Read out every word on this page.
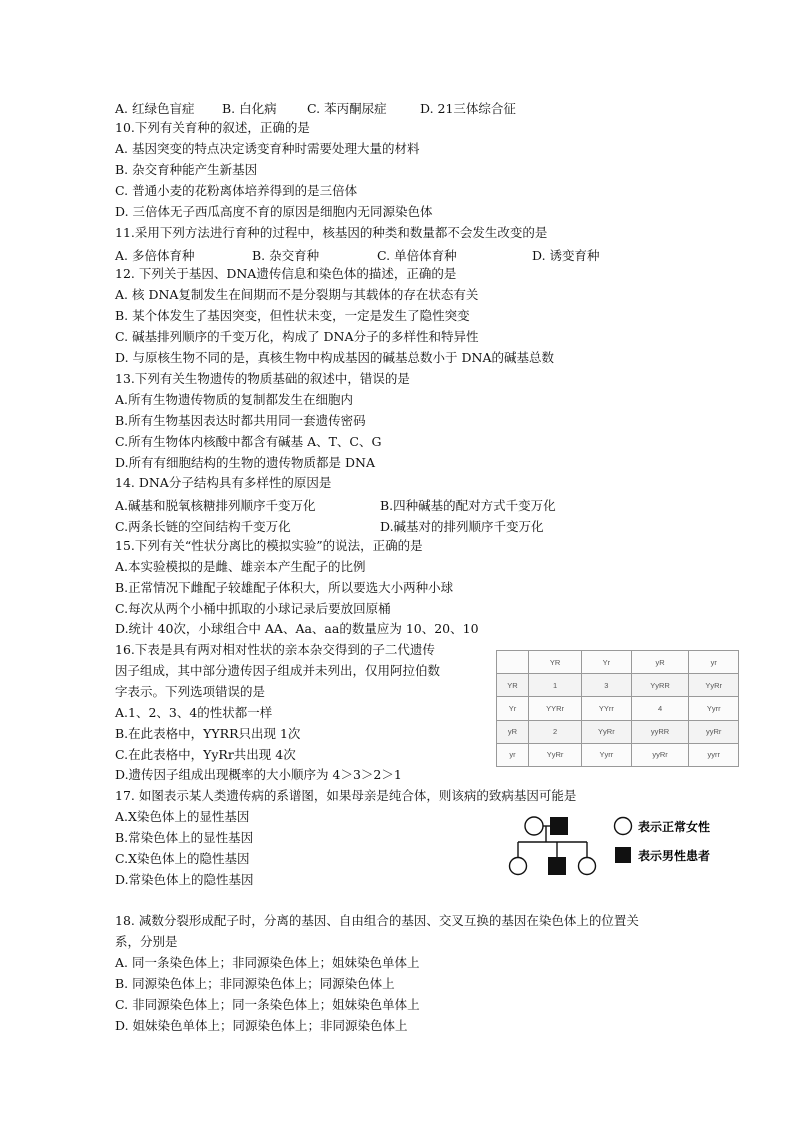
A. 红绿色盲症 B. 白化病 C. 苯丙酮尿症	D. 21三体综合征
10.下列有关育种的叙述，正确的是
A. 基因突变的特点决定诱变育种时需要处理大量的材料
B. 杂交育种能产生新基因
C. 普通小麦的花粉离体培养得到的是三倍体
D. 三倍体无子西瓜高度不育的原因是细胞内无同源染色体
11.采用下列方法进行育种的过程中，核基因的种类和数量都不会发生改变的是
A. 多倍体育种	B. 杂交育种	C. 单倍体育种	D. 诱变育种
12. 下列关于基因、DNA遗传信息和染色体的描述，正确的是
A. 核 DNA复制发生在间期而不是分裂期与其载体的存在状态有关
B. 某个体发生了基因突变，但性状未变，一定是发生了隐性突变
C. 碱基排列顺序的千变万化，构成了 DNA分子的多样性和特异性
D. 与原核生物不同的是，真核生物中构成基因的碱基总数小于 DNA的碱基总数
13.下列有关生物遗传的物质基础的叙述中，错误的是
A.所有生物遗传物质的复制都发生在细胞内
B.所有生物基因表达时都共用同一套遗传密码
C.所有生物体内核酸中都含有碱基 A、T、C、G
D.所有有细胞结构的生物的遗传物质都是 DNA
14. DNA分子结构具有多样性的原因是
A.碱基和脱氧核糖排列顺序千变万化	B.四种碱基的配对方式千变万化
C.两条长链的空间结构千变万化	D.碱基对的排列顺序千变万化
15.下列有关“性状分离比的模拟实验”的说法，正确的是
A.本实验模拟的是雌、雄亲本产生配子的比例
B.正常情况下雌配子较雄配子体积大，所以要选大小两种小球
C.每次从两个小桶中抓取的小球记录后要放回原桶
D.统计 40次，小球组合中 AA、Aa、aa的数量应为 10、20、10
16.下表是具有两对相对性状的亲本杂交得到的子二代遗传
因子组成，其中部分遗传因子组成并未列出，仅用阿拉伯数
字表示。下列选项错误的是
A.1、2、3、4的性状都一样
B.在此表格中，YYRR只出现 1次
C.在此表格中，YyRr共出现 4次
D.遗传因子组成出现概率的大小顺序为 4＞3＞2＞1
	YR	Yr	yR	yr
YR	1	3	YyRR	YyRr
Yr	YYRr	YYrr	4	Yyrr
yR	2	YyRr	yyRR	yyRr
yr	YyRr	Yyrr	yyRr	yyrr
17. 如图表示某人类遗传病的系谱图，如果母亲是纯合体，则该病的致病基因可能是
A.X染色体上的显性基因
B.常染色体上的显性基因
C.X染色体上的隐性基因
D.常染色体上的隐性基因
表示正常女性
表示男性患者
18. 减数分裂形成配子时，分离的基因、自由组合的基因、交叉互换的基因在染色体上的位置关
系，分别是
A. 同一条染色体上；非同源染色体上；姐妹染色单体上
B. 同源染色体上；非同源染色体上；同源染色体上
C. 非同源染色体上；同一条染色体上；姐妹染色单体上
D. 姐妹染色单体上；同源染色体上；非同源染色体上
